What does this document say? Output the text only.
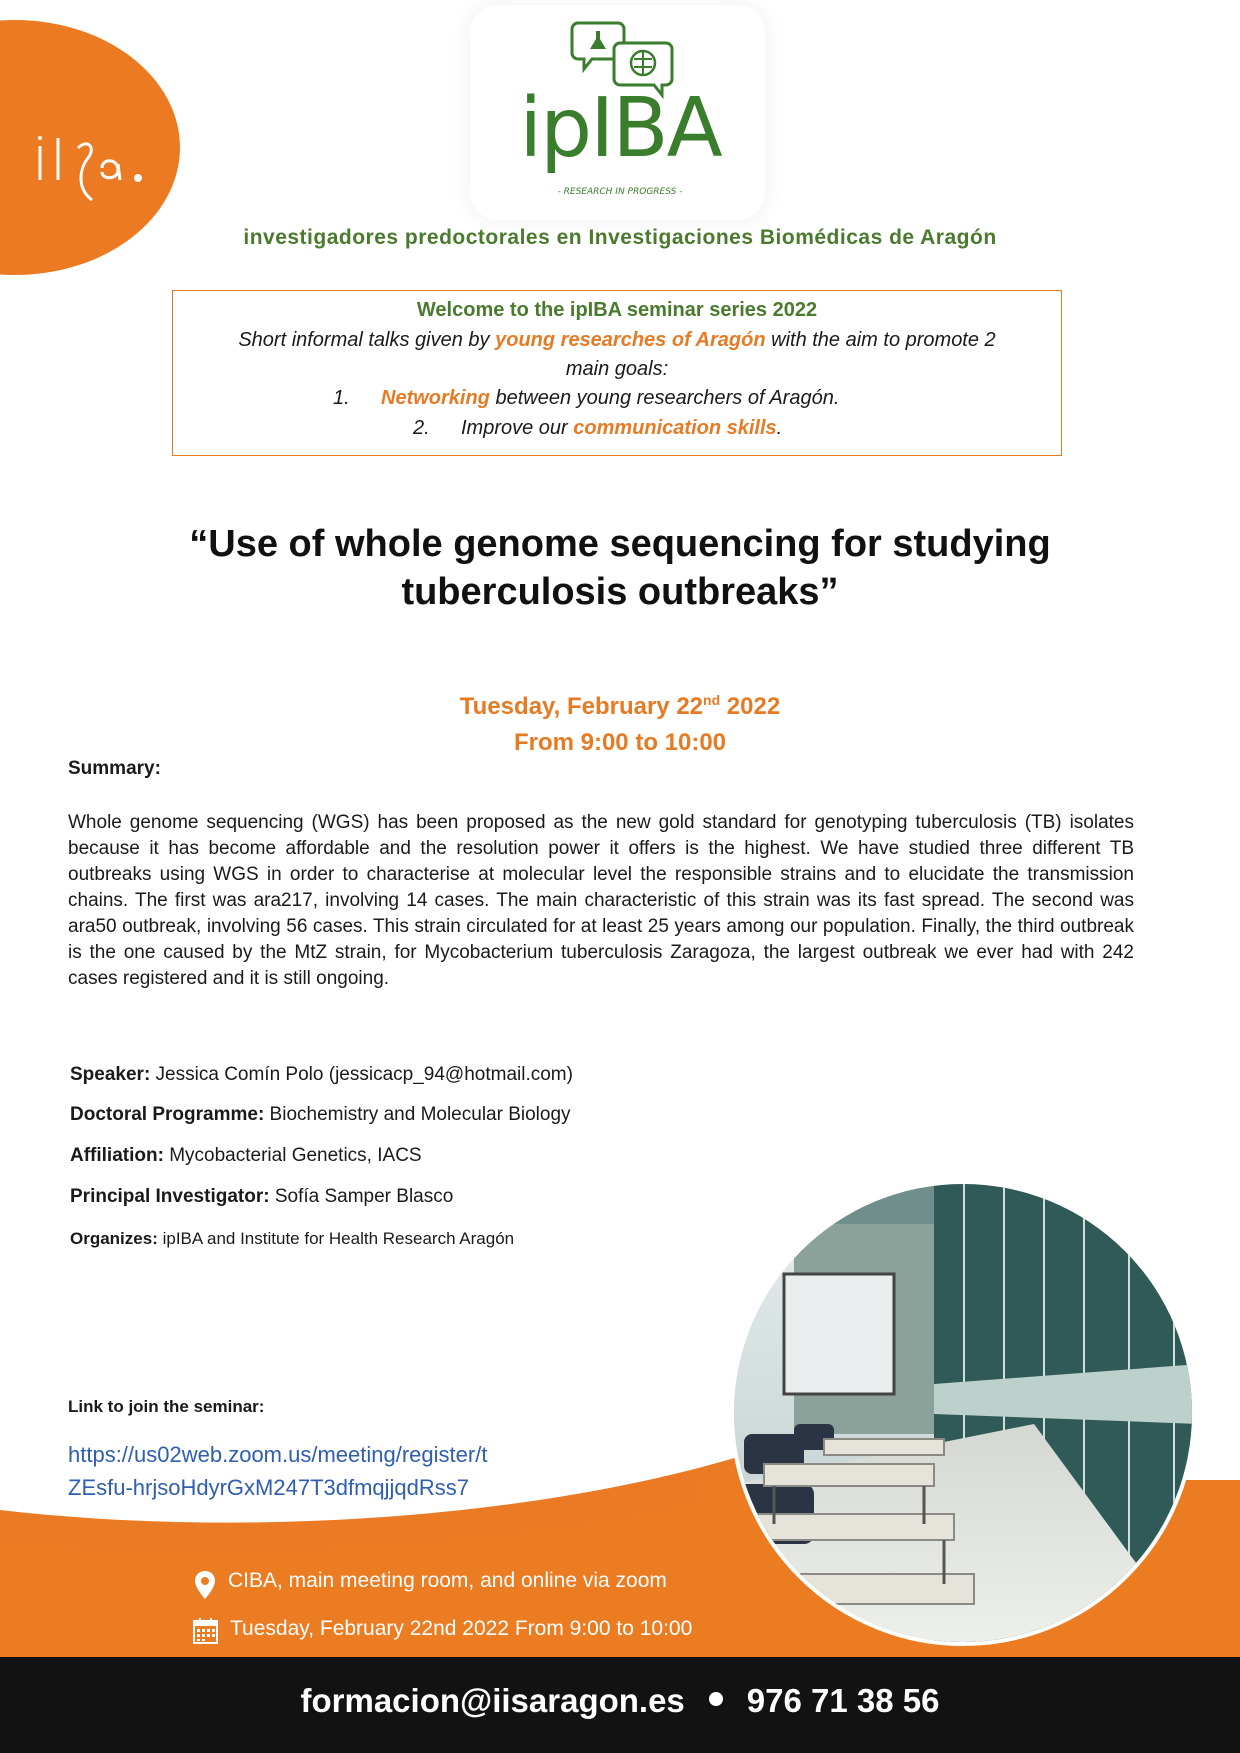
ipIBA
- RESEARCH IN PROGRESS -
investigadores predoctorales en Investigaciones Biomédicas de Aragón
Welcome to the ipIBA seminar series 2022
Short informal talks given by young researches of Aragón with the aim to promote 2
main goals:
1. Networking between young researchers of Aragón.
2. Improve our communication skills.
“Use of whole genome sequencing for studying
tuberculosis outbreaks”
Tuesday, February 22nd 2022
From 9:00 to 10:00
Summary:
Whole genome sequencing (WGS) has been proposed as the new gold standard for genotyping tuberculosis (TB) isolates because it has become affordable and the resolution power it offers is the highest. We have studied three different TB outbreaks using WGS in order to characterise at molecular level the responsible strains and to elucidate the transmission chains. The first was ara217, involving 14 cases. The main characteristic of this strain was its fast spread. The second was ara50 outbreak, involving 56 cases. This strain circulated for at least 25 years among our population. Finally, the third outbreak is the one caused by the MtZ strain, for Mycobacterium tuberculosis Zaragoza, the largest outbreak we ever had with 242 cases registered and it is still ongoing.
Speaker: Jessica Comín Polo (jessicacp_94@hotmail.com)
Doctoral Programme: Biochemistry and Molecular Biology
Affiliation: Mycobacterial Genetics, IACS
Principal Investigator: Sofía Samper Blasco
Organizes: ipIBA and Institute for Health Research Aragón
Link to join the seminar:
https://us02web.zoom.us/meeting/register/t
ZEsfu-hrjsoHdyrGxM247T3dfmqjjqdRss7
CIBA, main meeting room, and online via zoom
Tuesday, February 22nd 2022 From 9:00 to 10:00
formacion@iisaragon.es 976 71 38 56
